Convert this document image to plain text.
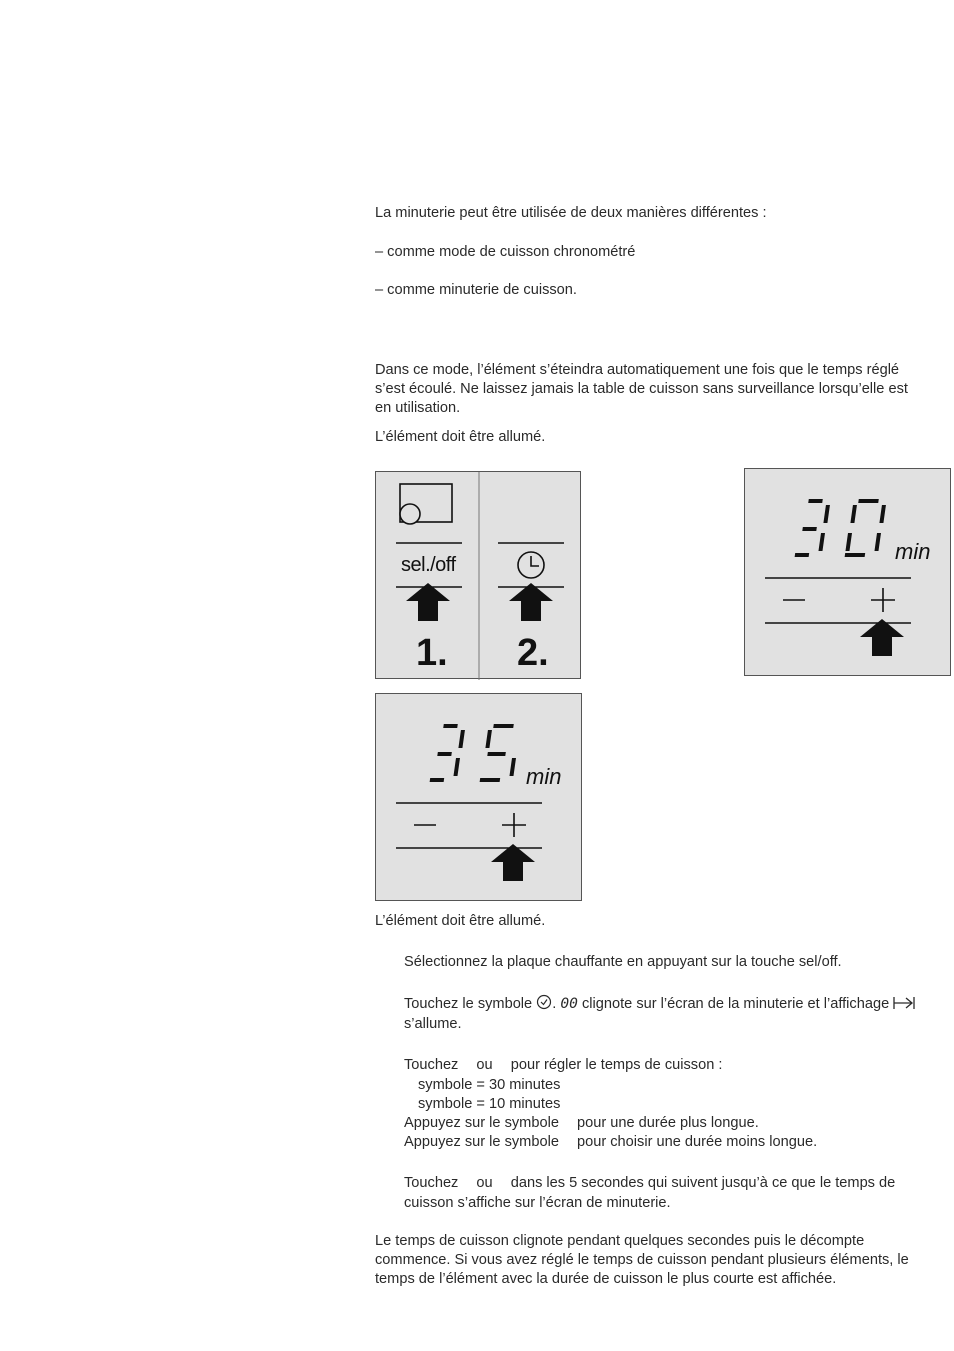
La minuterie peut être utilisée de deux manières différentes :

– comme mode de cuisson chronométré

– comme minuterie de cuisson.

Dans ce mode, l’élément s’éteindra automatiquement une fois que le temps réglé

s’est écoulé. Ne laissez jamais la table de cuisson sans surveillance lorsqu’elle est

en utilisation.

L’élément doit être allumé.

sel./off
1. 2.
min
min

L’élément doit être allumé.

Sélectionnez la plaque chauffante en appuyant sur la touche sel/off.

Touchez le symbole . 00 clignote sur l’écran de la minuterie et l’affichage

s’allume.

Touchez ou pour régler le temps de cuisson :

symbole = 30 minutes

symbole = 10 minutes

Appuyez sur le symbole pour une durée plus longue.

Appuyez sur le symbole pour choisir une durée moins longue.

Touchez ou dans les 5 secondes qui suivent jusqu’à ce que le temps de

cuisson s’affiche sur l’écran de minuterie.

Le temps de cuisson clignote pendant quelques secondes puis le décompte

commence. Si vous avez réglé le temps de cuisson pendant plusieurs éléments, le

temps de l’élément avec la durée de cuisson le plus courte est affichée.
